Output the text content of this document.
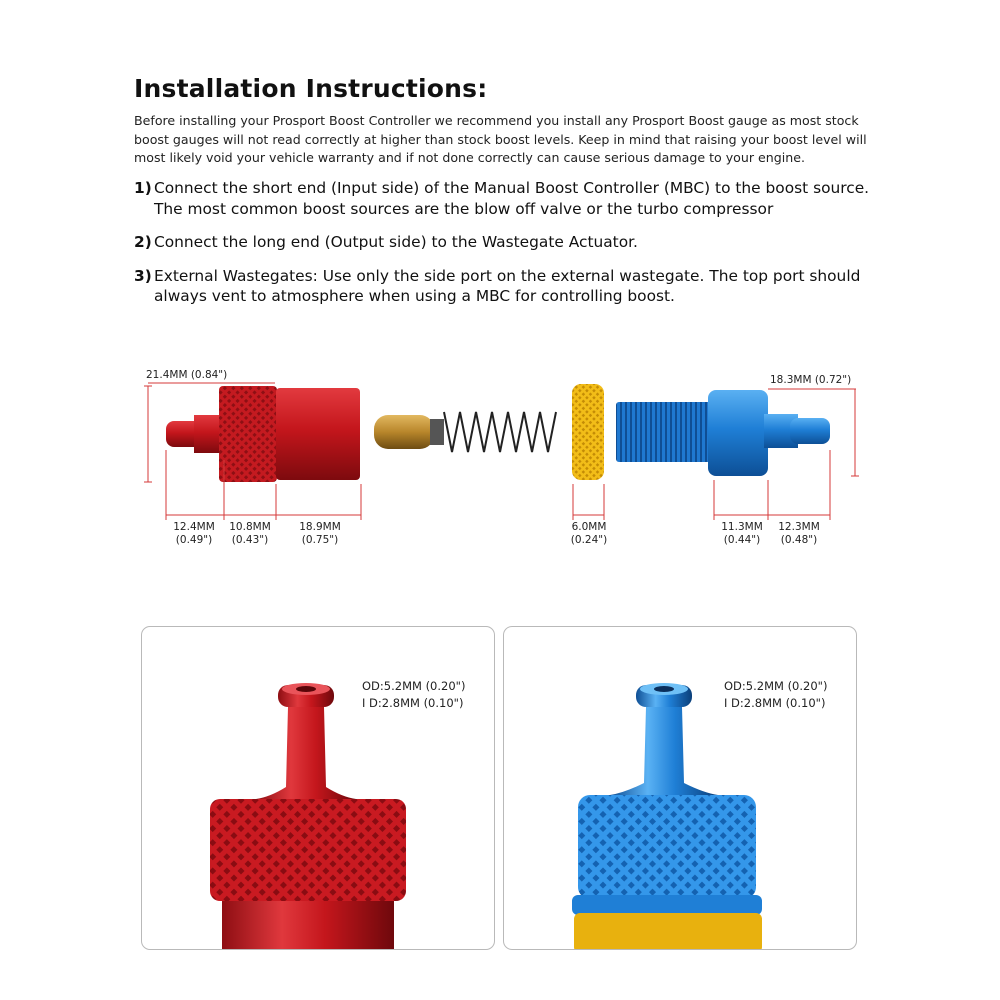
Installation Instructions:
Before installing your Prosport Boost Controller we recommend you install any Prosport Boost gauge as most stock boost gauges will not read correctly at higher than stock boost levels. Keep in mind that raising your boost level will most likely void your vehicle warranty and if not done correctly can cause serious damage to your engine.
1) Connect the short end (Input side) of the Manual Boost Controller (MBC) to the boost source. The most common boost sources are the blow off valve or the turbo compressor
2) Connect the long end (Output side) to the Wastegate Actuator.
3) External Wastegates: Use only the side port on the external wastegate. The top port should always vent to atmosphere when using a MBC for controlling boost.
21.4MM (0.84")	18.3MM (0.72")
12.4MM
(0.49")
10.8MM
(0.43")
18.9MM
(0.75")
6.0MM
(0.24")
11.3MM
(0.44")
12.3MM
(0.48")
OD:5.2MM (0.20")
I D:2.8MM (0.10")
OD:5.2MM (0.20")
I D:2.8MM (0.10")
